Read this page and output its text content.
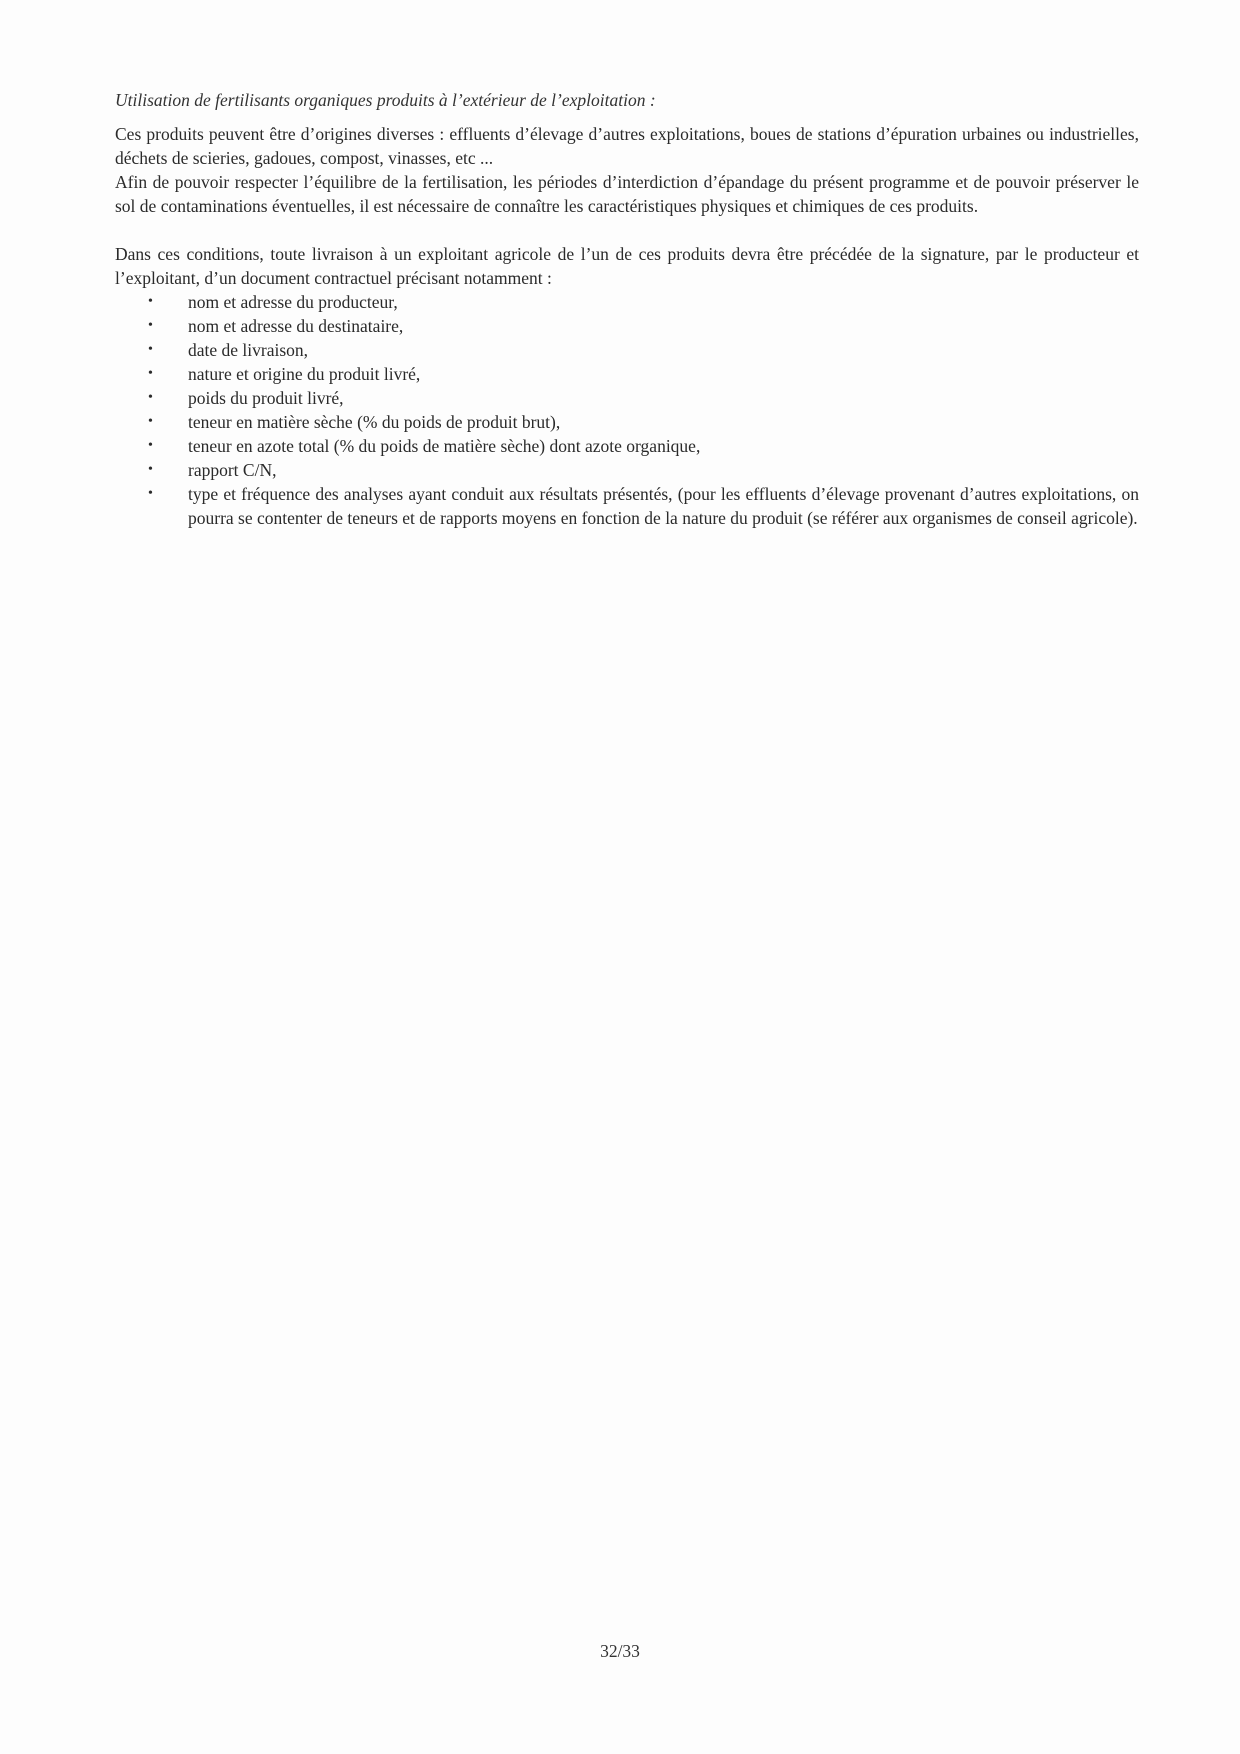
Utilisation de fertilisants organiques produits à l’extérieur de l’exploitation :

Ces produits peuvent être d’origines diverses : effluents d’élevage d’autres exploitations, boues de stations d’épuration urbaines ou industrielles, déchets de scieries, gadoues, compost, vinasses, etc ...

Afin de pouvoir respecter l’équilibre de la fertilisation, les périodes d’interdiction d’épandage du présent programme et de pouvoir préserver le sol de contaminations éventuelles, il est nécessaire de connaître les caractéristiques physiques et chimiques de ces produits.

Dans ces conditions, toute livraison à un exploitant agricole de l’un de ces produits devra être précédée de la signature, par le producteur et l’exploitant, d’un document contractuel précisant notamment :

• nom et adresse du producteur,
• nom et adresse du destinataire,
• date de livraison,
• nature et origine du produit livré,
• poids du produit livré,
• teneur en matière sèche (% du poids de produit brut),
• teneur en azote total (% du poids de matière sèche) dont azote organique,
• rapport C/N,
• type et fréquence des analyses ayant conduit aux résultats présentés, (pour les effluents d’élevage provenant d’autres exploitations, on pourra se contenter de teneurs et de rapports moyens en fonction de la nature du produit (se référer aux organismes de conseil agricole).
32/33
